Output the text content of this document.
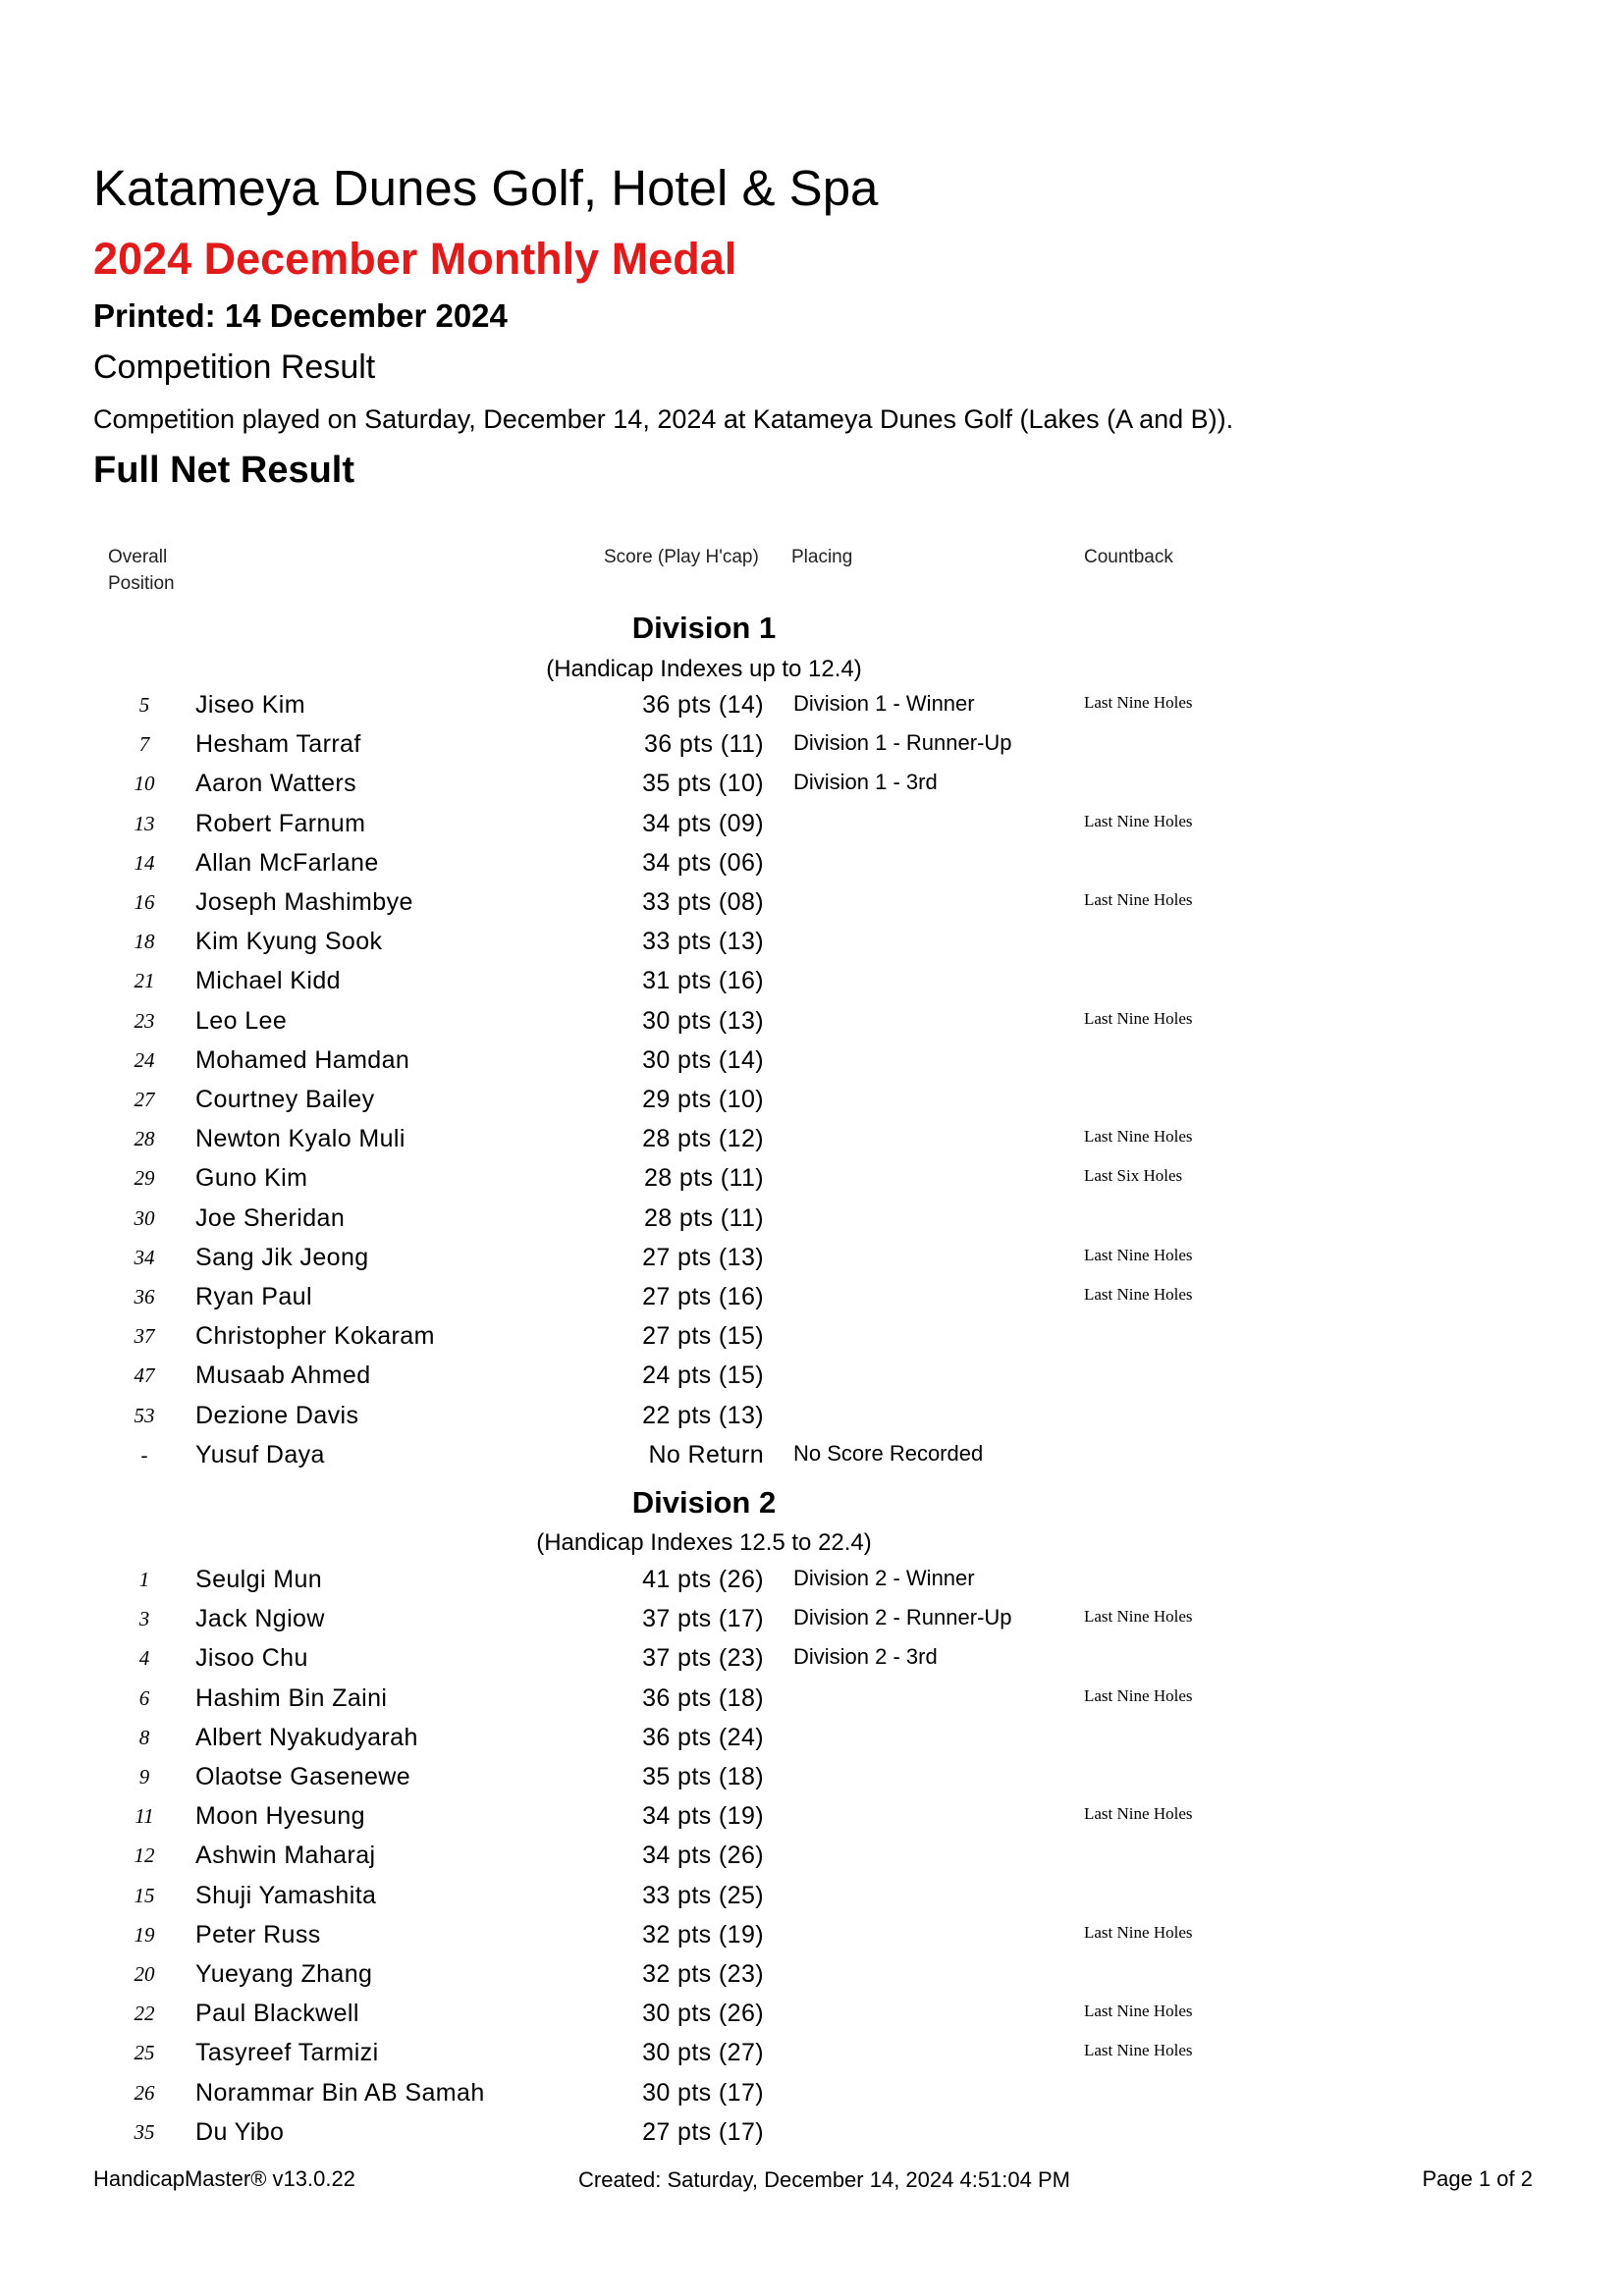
Katameya Dunes Golf, Hotel & Spa
2024 December Monthly Medal
Printed: 14 December 2024
Competition Result
Competition played on Saturday, December 14, 2024 at Katameya Dunes Golf (Lakes (A and B)).
Full Net Result
Overall
Position
Score (Play H'cap) Placing	Countback
Division 1
(Handicap Indexes up to 12.4)
5	Jiseo Kim	36 pts (14) Division 1 - Winner	Last Nine Holes
7	Hesham Tarraf	36 pts (11) Division 1 - Runner-Up
10	Aaron Watters	35 pts (10) Division 1 - 3rd
13	Robert Farnum	34 pts (09)	Last Nine Holes
14	Allan McFarlane	34 pts (06)
16	Joseph Mashimbye	33 pts (08)	Last Nine Holes
18	Kim Kyung Sook	33 pts (13)
21	Michael Kidd	31 pts (16)
23	Leo Lee	30 pts (13)	Last Nine Holes
24	Mohamed Hamdan	30 pts (14)
27	Courtney Bailey	29 pts (10)
28	Newton Kyalo Muli	28 pts (12)	Last Nine Holes
29	Guno Kim	28 pts (11)	Last Six Holes
30	Joe Sheridan	28 pts (11)
34	Sang Jik Jeong	27 pts (13)	Last Nine Holes
36	Ryan Paul	27 pts (16)	Last Nine Holes
37	Christopher Kokaram	27 pts (15)
47	Musaab Ahmed	24 pts (15)
53	Dezione Davis	22 pts (13)
-	Yusuf Daya	No Return No Score Recorded
Division 2
(Handicap Indexes 12.5 to 22.4)
1	Seulgi Mun	41 pts (26) Division 2 - Winner
3	Jack Ngiow	37 pts (17) Division 2 - Runner-Up	Last Nine Holes
4	Jisoo Chu	37 pts (23) Division 2 - 3rd
6	Hashim Bin Zaini	36 pts (18)	Last Nine Holes
8	Albert Nyakudyarah	36 pts (24)
9	Olaotse Gasenewe	35 pts (18)
11	Moon Hyesung	34 pts (19)	Last Nine Holes
12	Ashwin Maharaj	34 pts (26)
15	Shuji Yamashita	33 pts (25)
19	Peter Russ	32 pts (19)	Last Nine Holes
20	Yueyang Zhang	32 pts (23)
22	Paul Blackwell	30 pts (26)	Last Nine Holes
25	Tasyreef Tarmizi	30 pts (27)	Last Nine Holes
26	Norammar Bin AB Samah	30 pts (17)
35	Du Yibo	27 pts (17)
HandicapMaster® v13.0.22	Created: Saturday, December 14, 2024 4:51:04 PM	Page 1 of 2
